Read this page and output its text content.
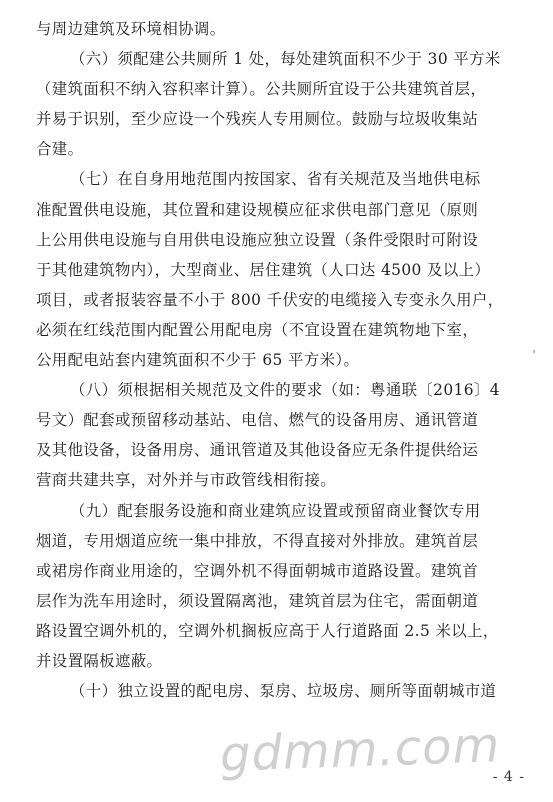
与周边建筑及环境相协调。
（六）须配建公共厕所 1 处，每处建筑面积不少于 30 平方米
（建筑面积不纳入容积率计算）。公共厕所宜设于公共建筑首层，
并易于识别，至少应设一个残疾人专用厕位。鼓励与垃圾收集站
合建。
（七）在自身用地范围内按国家、省有关规范及当地供电标
准配置供电设施，其位置和建设规模应征求供电部门意见（原则
上公用供电设施与自用供电设施应独立设置（条件受限时可附设
于其他建筑物内），大型商业、居住建筑（人口达 4500 及以上）
项目，或者报装容量不小于 800 千伏安的电缆接入专变永久用户，
必须在红线范围内配置公用配电房（不宜设置在建筑物地下室，
公用配电站套内建筑面积不少于 65 平方米）。
（八）须根据相关规范及文件的要求（如：粤通联〔2016〕4
号文）配套或预留移动基站、电信、燃气的设备用房、通讯管道
及其他设备，设备用房、通讯管道及其他设备应无条件提供给运
营商共建共享，对外并与市政管线相衔接。
（九）配套服务设施和商业建筑应设置或预留商业餐饮专用
烟道，专用烟道应统一集中排放，不得直接对外排放。建筑首层
或裙房作商业用途的，空调外机不得面朝城市道路设置。建筑首
层作为洗车用途时，须设置隔离池，建筑首层为住宅，需面朝道
路设置空调外机的，空调外机搁板应高于人行道路面 2.5 米以上，
并设置隔板遮蔽。
（十）独立设置的配电房、泵房、垃圾房、厕所等面朝城市道
gdmm.com
- 4 -
